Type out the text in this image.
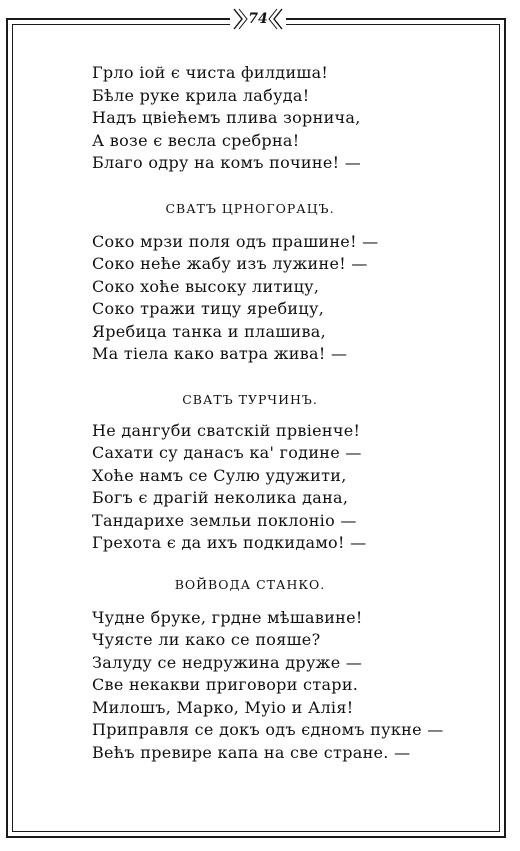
74
Грло іой є чиста филдиша!
Бѣле руке крила лабуда!
Надъ цвіећемъ плива зорнича,
А возе є весла сребрна!
Благо одру на комъ почине! —
СВАТЪ ЦРНОГОРАЦЪ.
Соко мрзи поля одъ прашине! —
Соко неће жабу изъ лужине! —
Соко хоће высоку литицу,
Соко тражи тицу яребицу,
Яребица танка и плашива,
Ма тіела како ватра жива! —
СВАТЪ ТУРЧИНЪ.
Не дангуби сватскій првіенче!
Сахати су данасъ ка' године —
Хоће намъ се Сулю удужити,
Богъ є драгій неколика дана,
Тандарихе земльи поклоніо —
Грехота є да ихъ подкидамо! —
ВОЙВОДА СТАНКО.
Чудне бруке, грдне мѣшавине!
Чуясте ли како се пояше?
Залуду се недружина друже —
Све некакви приговори стари.
Милошъ, Марко, Муіо и Алія!
Приправля се докъ одъ єдномъ пукне —
Већъ превире капа на све стране. —
